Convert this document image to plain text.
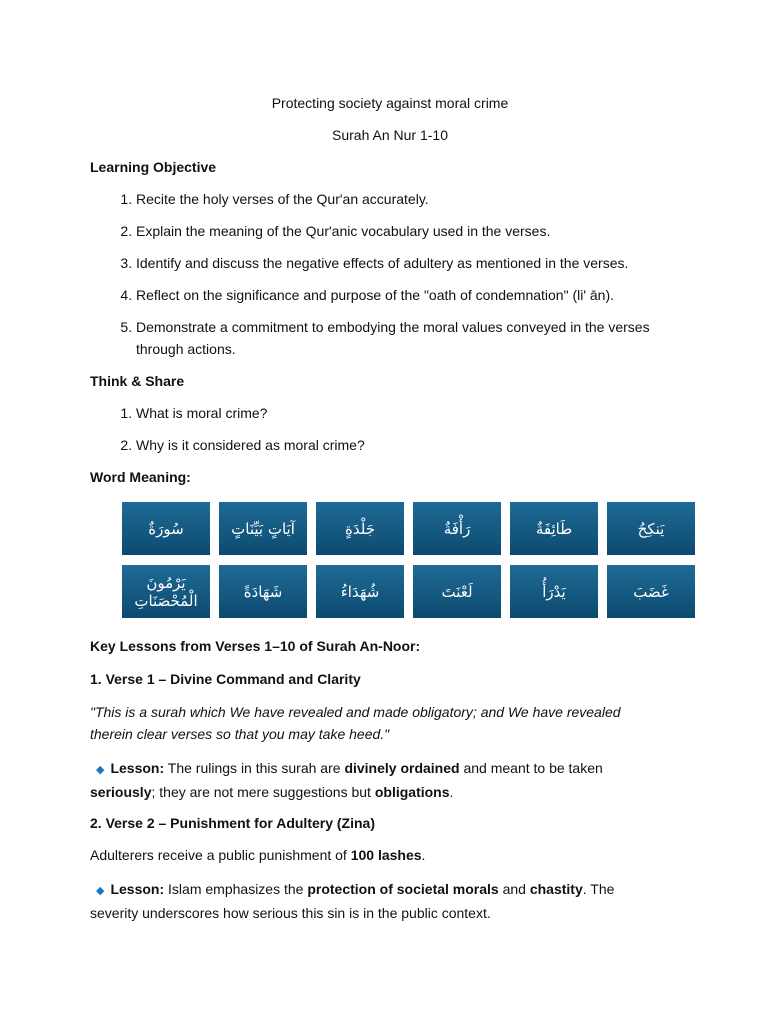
Protecting society against moral crime

Surah An Nur 1-10

Learning Objective

1. Recite the holy verses of the Qur'an accurately.
2. Explain the meaning of the Qur'anic vocabulary used in the verses.
3. Identify and discuss the negative effects of adultery as mentioned in the verses.
4. Reflect on the significance and purpose of the "oath of condemnation" (li' ān).
5. Demonstrate a commitment to embodying the moral values conveyed in the verses through actions.

Think & Share

1. What is moral crime?
2. Why is it considered as moral crime?

Word Meaning:

سُورَةٌ	آيَاتٍ بَيِّنَاتٍ	جَلْدَةٍ	رَأْفَةٌ	طَائِفَةٌ	يَنكِحُ
يَرْمُونَ الْمُحْصَنَاتِ	شَهَادَةً	شُهَدَاءُ	لَعْنَتَ	يَدْرَأُ	غَضَبَ

Key Lessons from Verses 1–10 of Surah An-Noor:

1. Verse 1 – Divine Command and Clarity

"This is a surah which We have revealed and made obligatory; and We have revealed therein clear verses so that you may take heed."

◆ Lesson: The rulings in this surah are divinely ordained and meant to be taken seriously; they are not mere suggestions but obligations.

2. Verse 2 – Punishment for Adultery (Zina)

Adulterers receive a public punishment of 100 lashes.

◆ Lesson: Islam emphasizes the protection of societal morals and chastity. The severity underscores how serious this sin is in the public context.
